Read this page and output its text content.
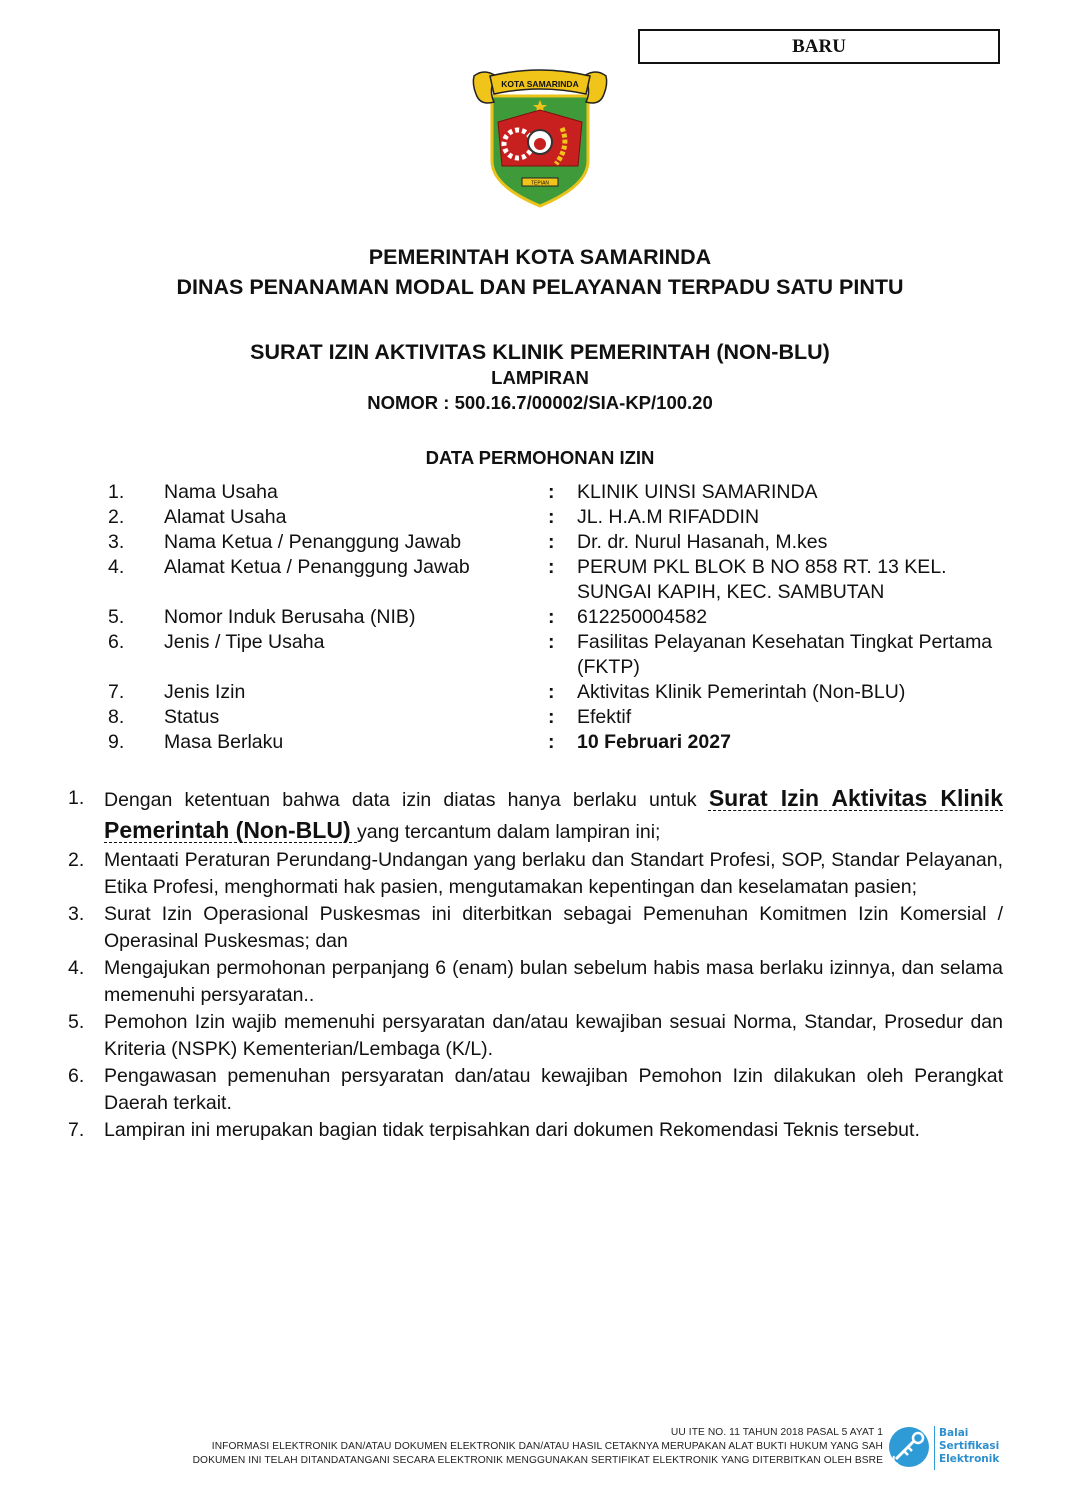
BARU
KOTA SAMARINDA
TEPIAN
PEMERINTAH KOTA SAMARINDA
DINAS PENANAMAN MODAL DAN PELAYANAN TERPADU SATU PINTU
SURAT IZIN AKTIVITAS KLINIK PEMERINTAH (NON-BLU)
LAMPIRAN
NOMOR : 500.16.7/00002/SIA-KP/100.20
DATA PERMOHONAN IZIN
1. Nama Usaha	: KLINIK UINSI SAMARINDA
2. Alamat Usaha	: JL. H.A.M RIFADDIN
3. Nama Ketua / Penanggung Jawab	: Dr. dr. Nurul Hasanah, M.kes
4. Alamat Ketua / Penanggung Jawab	: PERUM PKL BLOK B NO 858 RT. 13 KEL. SUNGAI KAPIH, KEC. SAMBUTAN
5. Nomor Induk Berusaha (NIB)	: 612250004582
6. Jenis / Tipe Usaha	: Fasilitas Pelayanan Kesehatan Tingkat Pertama (FKTP)
7. Jenis Izin	: Aktivitas Klinik Pemerintah (Non-BLU)
8. Status	: Efektif
9. Masa Berlaku	: 10 Februari 2027
1. Dengan ketentuan bahwa data izin diatas hanya berlaku untuk Surat Izin Aktivitas Klinik Pemerintah (Non-BLU) yang tercantum dalam lampiran ini;
2. Mentaati Peraturan Perundang-Undangan yang berlaku dan Standart Profesi, SOP, Standar Pelayanan, Etika Profesi, menghormati hak pasien, mengutamakan kepentingan dan keselamatan pasien;
3. Surat Izin Operasional Puskesmas ini diterbitkan sebagai Pemenuhan Komitmen Izin Komersial / Operasinal Puskesmas; dan
4. Mengajukan permohonan perpanjang 6 (enam) bulan sebelum habis masa berlaku izinnya, dan selama memenuhi persyaratan..
5. Pemohon Izin wajib memenuhi persyaratan dan/atau kewajiban sesuai Norma, Standar, Prosedur dan Kriteria (NSPK) Kementerian/Lembaga (K/L).
6. Pengawasan pemenuhan persyaratan dan/atau kewajiban Pemohon Izin dilakukan oleh Perangkat Daerah terkait.
7. Lampiran ini merupakan bagian tidak terpisahkan dari dokumen Rekomendasi Teknis tersebut.
UU ITE NO. 11 TAHUN 2018 PASAL 5 AYAT 1
INFORMASI ELEKTRONIK DAN/ATAU DOKUMEN ELEKTRONIK DAN/ATAU HASIL CETAKNYA MERUPAKAN ALAT BUKTI HUKUM YANG SAH
DOKUMEN INI TELAH DITANDATANGANI SECARA ELEKTRONIK MENGGUNAKAN SERTIFIKAT ELEKTRONIK YANG DITERBITKAN OLEH BSRE
Balai
Sertifikasi
Elektronik
